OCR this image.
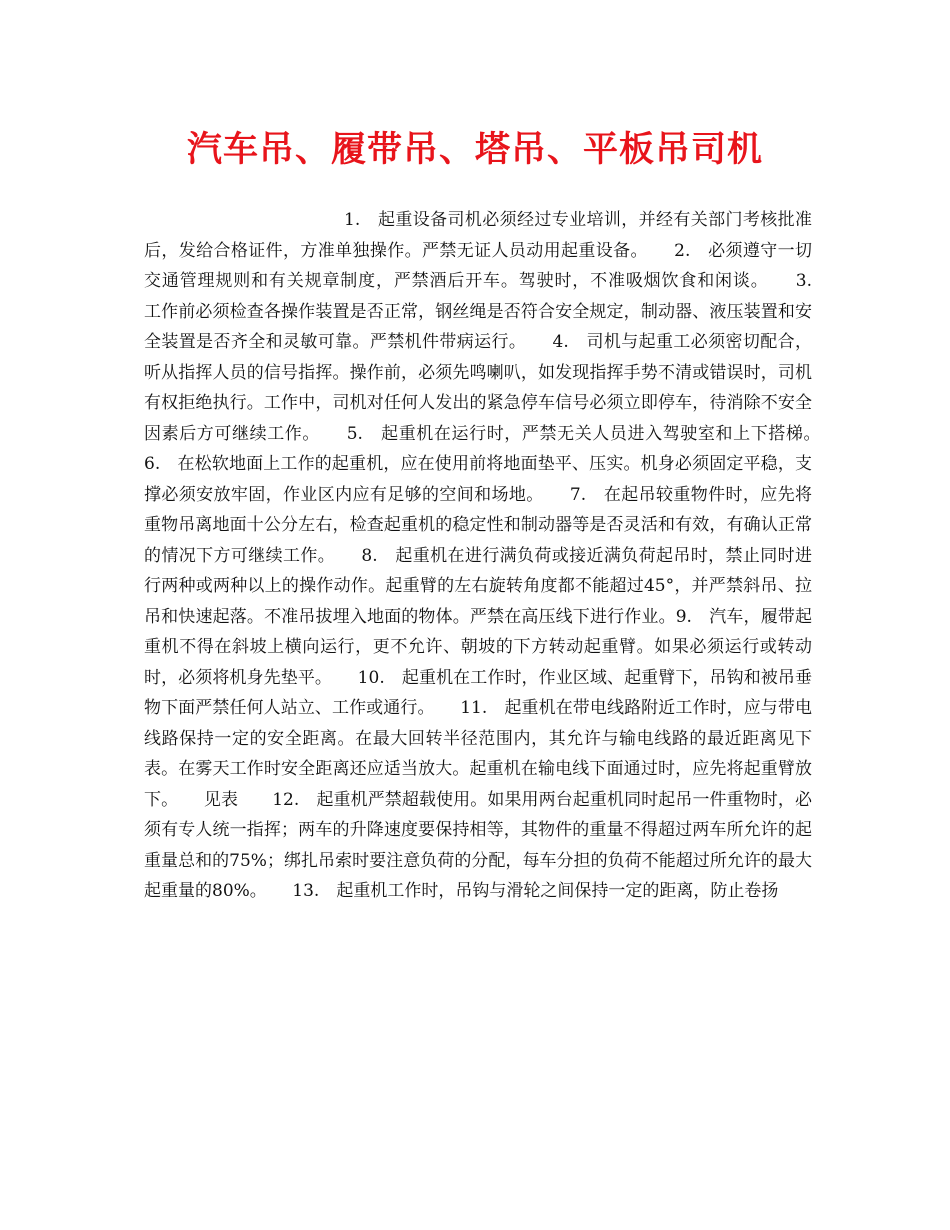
汽车吊、履带吊、塔吊、平板吊司机

1.　起重设备司机必须经过专业培训，并经有关部门考核批准后，发给合格证件，方准单独操作。严禁无证人员动用起重设备。　　2.　必须遵守一切交通管理规则和有关规章制度，严禁酒后开车。驾驶时，不准吸烟饮食和闲谈。　　3.　工作前必须检查各操作装置是否正常，钢丝绳是否符合安全规定，制动器、液压装置和安全装置是否齐全和灵敏可靠。严禁机件带病运行。　　4.　司机与起重工必须密切配合，听从指挥人员的信号指挥。操作前，必须先鸣喇叭，如发现指挥手势不清或错误时，司机有权拒绝执行。工作中，司机对任何人发出的紧急停车信号必须立即停车，待消除不安全因素后方可继续工作。　　5.　起重机在运行时，严禁无关人员进入驾驶室和上下搭梯。　　6.　在松软地面上工作的起重机，应在使用前将地面垫平、压实。机身必须固定平稳，支撑必须安放牢固，作业区内应有足够的空间和场地。　　7.　在起吊较重物件时，应先将重物吊离地面十公分左右，检查起重机的稳定性和制动器等是否灵活和有效，有确认正常的情况下方可继续工作。　　8.　起重机在进行满负荷或接近满负荷起吊时，禁止同时进行两种或两种以上的操作动作。起重臂的左右旋转角度都不能超过45°，并严禁斜吊、拉吊和快速起落。不准吊拔埋入地面的物体。严禁在高压线下进行作业。9.　汽车，履带起重机不得在斜坡上横向运行，更不允许、朝坡的下方转动起重臂。如果必须运行或转动时，必须将机身先垫平。　　10.　起重机在工作时，作业区域、起重臂下，吊钩和被吊垂物下面严禁任何人站立、工作或通行。　　11.　起重机在带电线路附近工作时，应与带电线路保持一定的安全距离。在最大回转半径范围内，其允许与输电线路的最近距离见下表。在雾天工作时安全距离还应适当放大。起重机在输电线下面通过时，应先将起重臂放下。　　见表　　12.　起重机严禁超载使用。如果用两台起重机同时起吊一件重物时，必须有专人统一指挥；两车的升降速度要保持相等，其物件的重量不得超过两车所允许的起重量总和的75%；绑扎吊索时要注意负荷的分配，每车分担的负荷不能超过所允许的最大起重量的80%。　　13.　起重机工作时，吊钩与滑轮之间保持一定的距离，防止卷扬
